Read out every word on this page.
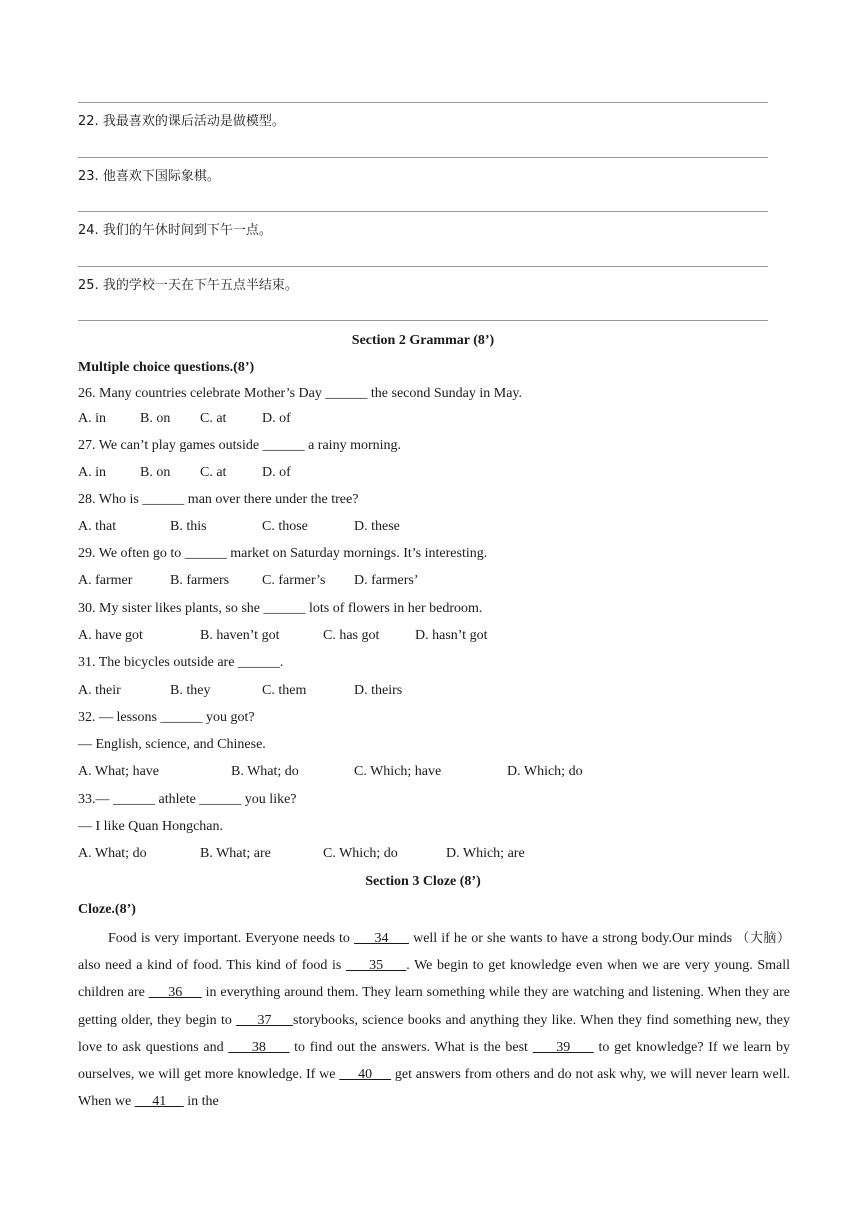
22. 我最喜欢的课后活动是做模型。
23. 他喜欢下国际象棋。
24. 我们的午休时间到下午一点。
25. 我的学校一天在下午五点半结束。
Section 2 Grammar (8’)
Multiple choice questions.(8’)
26. Many countries celebrate Mother’s Day ______ the second Sunday in May.
A. in B. on C. at	D. of
27. We can’t play games outside ______ a rainy morning.
A. in B. on C. at	D. of
28. Who is ______ man over there under the tree?
A. that	B. this	C. those	D. these
29. We often go to ______ market on Saturday mornings. It’s interesting.
A. farmer	B. farmers C. farmer’s D. farmers’
30. My sister likes plants, so she ______ lots of flowers in her bedroom.
A. have got	B. haven’t got	C. has got	D. hasn’t got
31. The bicycles outside are ______.
A. their	B. they	C. them	D. theirs
32. — lessons ______ you got?
— English, science, and Chinese.
A. What; have	B. What; do	C. Which; have	D. Which; do
33.— ______ athlete ______ you like?
— I like Quan Hongchan.
A. What; do	B. What; are	C. Which; do	D. Which; are
Section 3 Cloze (8’)
Cloze.(8’)
Food is very important. Everyone needs to      34      well if he or she wants to have a strong body.Our minds （大脑） also need a kind of food. This kind of food is      35     . We begin to get knowledge even when we are very young. Small children are      36      in everything around them. They learn something while they are watching and listening. When they are getting older, they begin to      37     storybooks, science books and anything they like. When they find something new, they love to ask questions and      38      to find out the answers. What is the best      39      to get knowledge? If we learn by ourselves, we will get more knowledge. If we      40      get answers from others and do not ask why, we will never learn well. When we      41      in the
